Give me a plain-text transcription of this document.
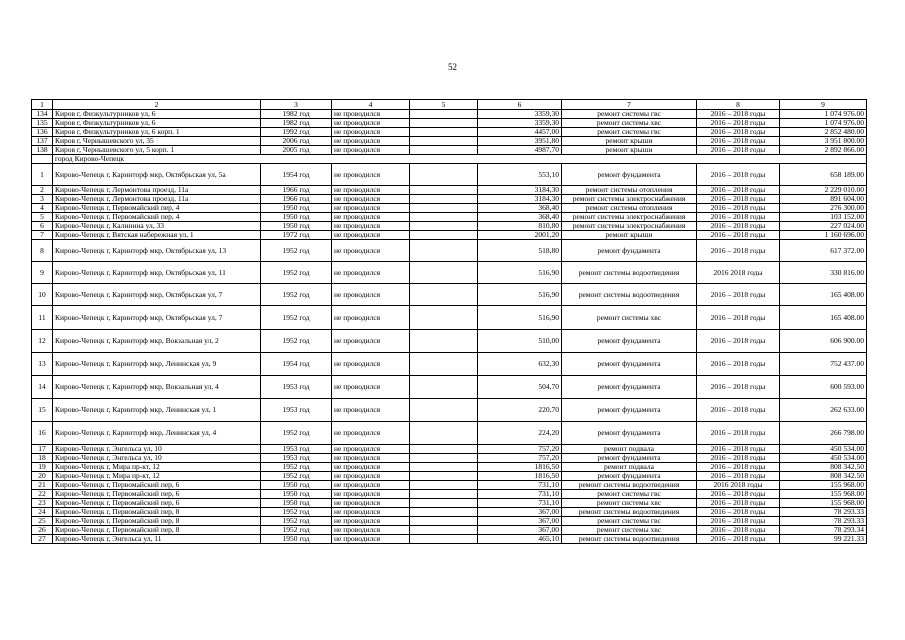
52
1	2	3	4	5	6	7	8	9
134	Киров г, Физкультурников ул, 6	1982 год	не проводился		3359,30	ремонт системы гвс	2016 – 2018 годы	1 074 976.00
135	Киров г, Физкультурников ул, 6	1982 год	не проводился		3359,30	ремонт системы хвс	2016 – 2018 годы	1 074 976.00
136	Киров г, Физкультурников ул, 6 корп. 1	1992 год	не проводился		4457,00	ремонт системы гвс	2016 – 2018 годы	2 852 480.00
137	Киров г, Чернышевского ул, 35	2006 год	не проводился		3951,80	ремонт крыши	2016 – 2018 годы	3 951 800.00
138	Киров г, Чернышевского ул, 5 корп. 1	2005 год	не проводился		4987,70	ремонт крыши	2016 – 2018 годы	2 892 866.00
	город Кирово-Чепецк							
1	Кирово-Чепецк г, Каринторф мкр, Октябрьская ул, 5а	1954 год	не проводился		553,10	ремонт фундамента	2016 – 2018 годы	658 189.00
2	Кирово-Чепецк г, Лермонтова проезд, 11а	1966 год	не проводился		3184,30	ремонт системы отопления	2016 – 2018 годы	2 229 010.00
3	Кирово-Чепецк г, Лермонтова проезд, 11а	1966 год	не проводился		3184,30	ремонт системы электроснабжения	2016 – 2018 годы	891 604.00
4	Кирово-Чепецк г, Первомайский пер, 4	1950 год	не проводился		368,40	ремонт системы отопления	2016 – 2018 годы	276 300.00
5	Кирово-Чепецк г, Первомайский пер, 4	1950 год	не проводился		368,40	ремонт системы электроснабжения	2016 – 2018 годы	103 152.00
6	Кирово-Чепецк г, Калинина ул, 33	1950 год	не проводился		810,80	ремонт системы электроснабжения	2016 – 2018 годы	227 024.00
7	Кирово-Чепецк г, Вятская набережная ул, 1	1972 год	не проводился		2001,20	ремонт крыши	2016 – 2018 годы	1 160 696.00
8	Кирово-Чепецк г, Каринторф мкр, Октябрьская ул, 13	1952 год	не проводился		518,80	ремонт фундамента	2016 – 2018 годы	617 372.00
9	Кирово-Чепецк г, Каринторф мкр, Октябрьская ул, 11	1952 год	не проводился		516,90	ремонт системы водоотведения	2016 2018 годы	330 816.00
10	Кирово-Чепецк г, Каринторф мкр, Октябрьская ул, 7	1952 год	не проводился		516,90	ремонт системы водоотведения	2016 – 2018 годы	165 408.00
11	Кирово-Чепецк г, Каринторф мкр, Октябрьская ул, 7	1952 год	не проводился		516,90	ремонт системы хвс	2016 – 2018 годы	165 408.00
12	Кирово-Чепецк г, Каринторф мкр, Вокзальная ул, 2	1952 год	не проводился		510,00	ремонт фундамента	2016 – 2018 годы	606 900.00
13	Кирово-Чепецк г, Каринторф мкр, Ленинская ул, 9	1954 год	не проводился		632,30	ремонт фундамента	2016 – 2018 годы	752 437.00
14	Кирово-Чепецк г, Каринторф мкр, Вокзальная ул, 4	1953 год	не проводился		504,70	ремонт фундамента	2016 – 2018 годы	600 593.00
15	Кирово-Чепецк г, Каринторф мкр, Ленинская ул, 1	1953 год	не проводился		220,70	ремонт фундамента	2016 – 2018 годы	262 633.00
16	Кирово-Чепецк г, Каринторф мкр, Ленинская ул, 4	1952 год	не проводился		224,20	ремонт фундамента	2016 – 2018 годы	266 798.00
17	Кирово-Чепецк г, Энгельса ул, 10	1953 год	не проводился		757,20	ремонт подвала	2016 – 2018 годы	450 534.00
18	Кирово-Чепецк г, Энгельса ул, 10	1953 год	не проводился		757,20	ремонт фундамента	2016 – 2018 годы	450 534.00
19	Кирово-Чепецк г, Мира пр-кт, 12	1952 год	не проводился		1816,50	ремонт подвала	2016 – 2018 годы	808 342.50
20	Кирово-Чепецк г, Мира пр-кт, 12	1952 год	не проводился		1816,50	ремонт фундамента	2016 – 2018 годы	808 342.50
21	Кирово-Чепецк г, Первомайский пер, 6	1950 год	не проводился		731,10	ремонт системы водоотведения	2016 2018 годы	155 968.00
22	Кирово-Чепецк г, Первомайский пер, 6	1950 год	не проводился		731,10	ремонт системы гвс	2016 – 2018 годы	155 968.00
23	Кирово-Чепецк г, Первомайский пер, 6	1950 год	не проводился		731,10	ремонт системы хвс	2016 – 2018 годы	155 968.00
24	Кирово-Чепецк г, Первомайский пер, 8	1952 год	не проводился		367,00	ремонт системы водоотведения	2016 – 2018 годы	78 293.33
25	Кирово-Чепецк г, Первомайский пер, 8	1952 год	не проводился		367,00	ремонт системы гвс	2016 – 2018 годы	78 293.33
26	Кирово-Чепецк г, Первомайский пер, 8	1952 год	не проводился		367,00	ремонт системы хвс	2016 – 2018 годы	78 293.34
27	Кирово-Чепецк г, Энгельса ул, 11	1950 год	не проводился		465,10	ремонт системы водоотведения	2016 – 2018 годы	99 221.33
